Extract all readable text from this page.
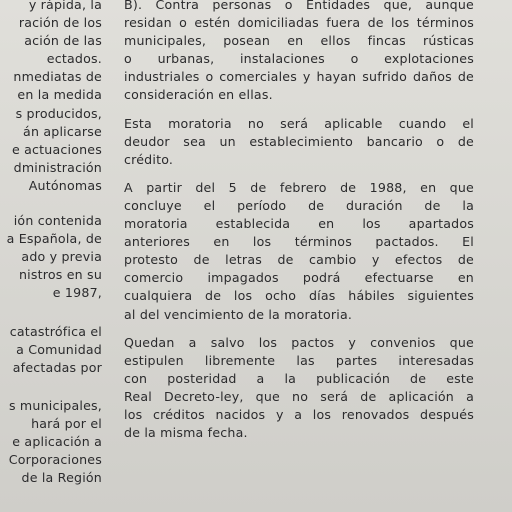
y rápida, la
ración de los
ación de las
ectados.
nmediatas de
en la medida
s producidos,
án aplicarse
e actuaciones
dministración
Autónomas
ión contenida
a Española, de
ado y previa
nistros en su
e 1987,
catastrófica el
a Comunidad
afectadas por
s municipales,
hará por el
e aplicación a
Corporaciones
de la Región
B). Contra personas o Entidades que, aunque
residan o estén domiciliadas fuera de los términos
municipales, posean en ellos fincas rústicas
o urbanas, instalaciones o explotaciones
industriales o comerciales y hayan sufrido daños de
consideración en ellas.
Esta moratoria no será aplicable cuando el
deudor sea un establecimiento bancario o de
crédito.
A partir del 5 de febrero de 1988, en que
concluye el período de duración de la
moratoria establecida en los apartados
anteriores en los términos pactados. El
protesto de letras de cambio y efectos de
comercio impagados podrá efectuarse en
cualquiera de los ocho días hábiles siguientes
al del vencimiento de la moratoria.
Quedan a salvo los pactos y convenios que
estipulen libremente las partes interesadas
con posteridad a la publicación de este
Real Decreto-ley, que no será de aplicación a
los créditos nacidos y a los renovados después
de la misma fecha.
